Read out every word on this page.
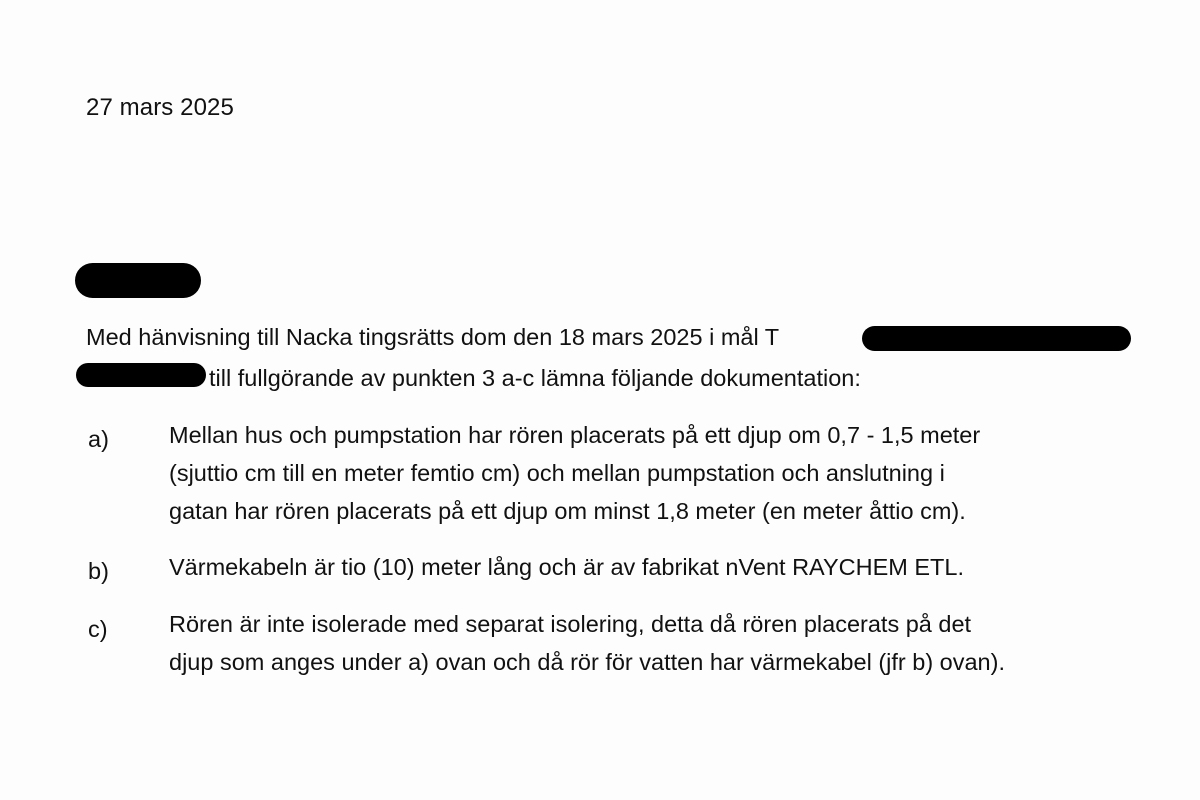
27 mars 2025
Med hänvisning till Nacka tingsrätts dom den 18 mars 2025 i mål T
till fullgörande av punkten 3 a-c lämna följande dokumentation:
a)	Mellan hus och pumpstation har rören placerats på ett djup om 0,7 - 1,5 meter
(sjuttio cm till en meter femtio cm) och mellan pumpstation och anslutning i
gatan har rören placerats på ett djup om minst 1,8 meter (en meter åttio cm).
b)	Värmekabeln är tio (10) meter lång och är av fabrikat nVent RAYCHEM ETL.
c)	Rören är inte isolerade med separat isolering, detta då rören placerats på det
djup som anges under a) ovan och då rör för vatten har värmekabel (jfr b) ovan).
